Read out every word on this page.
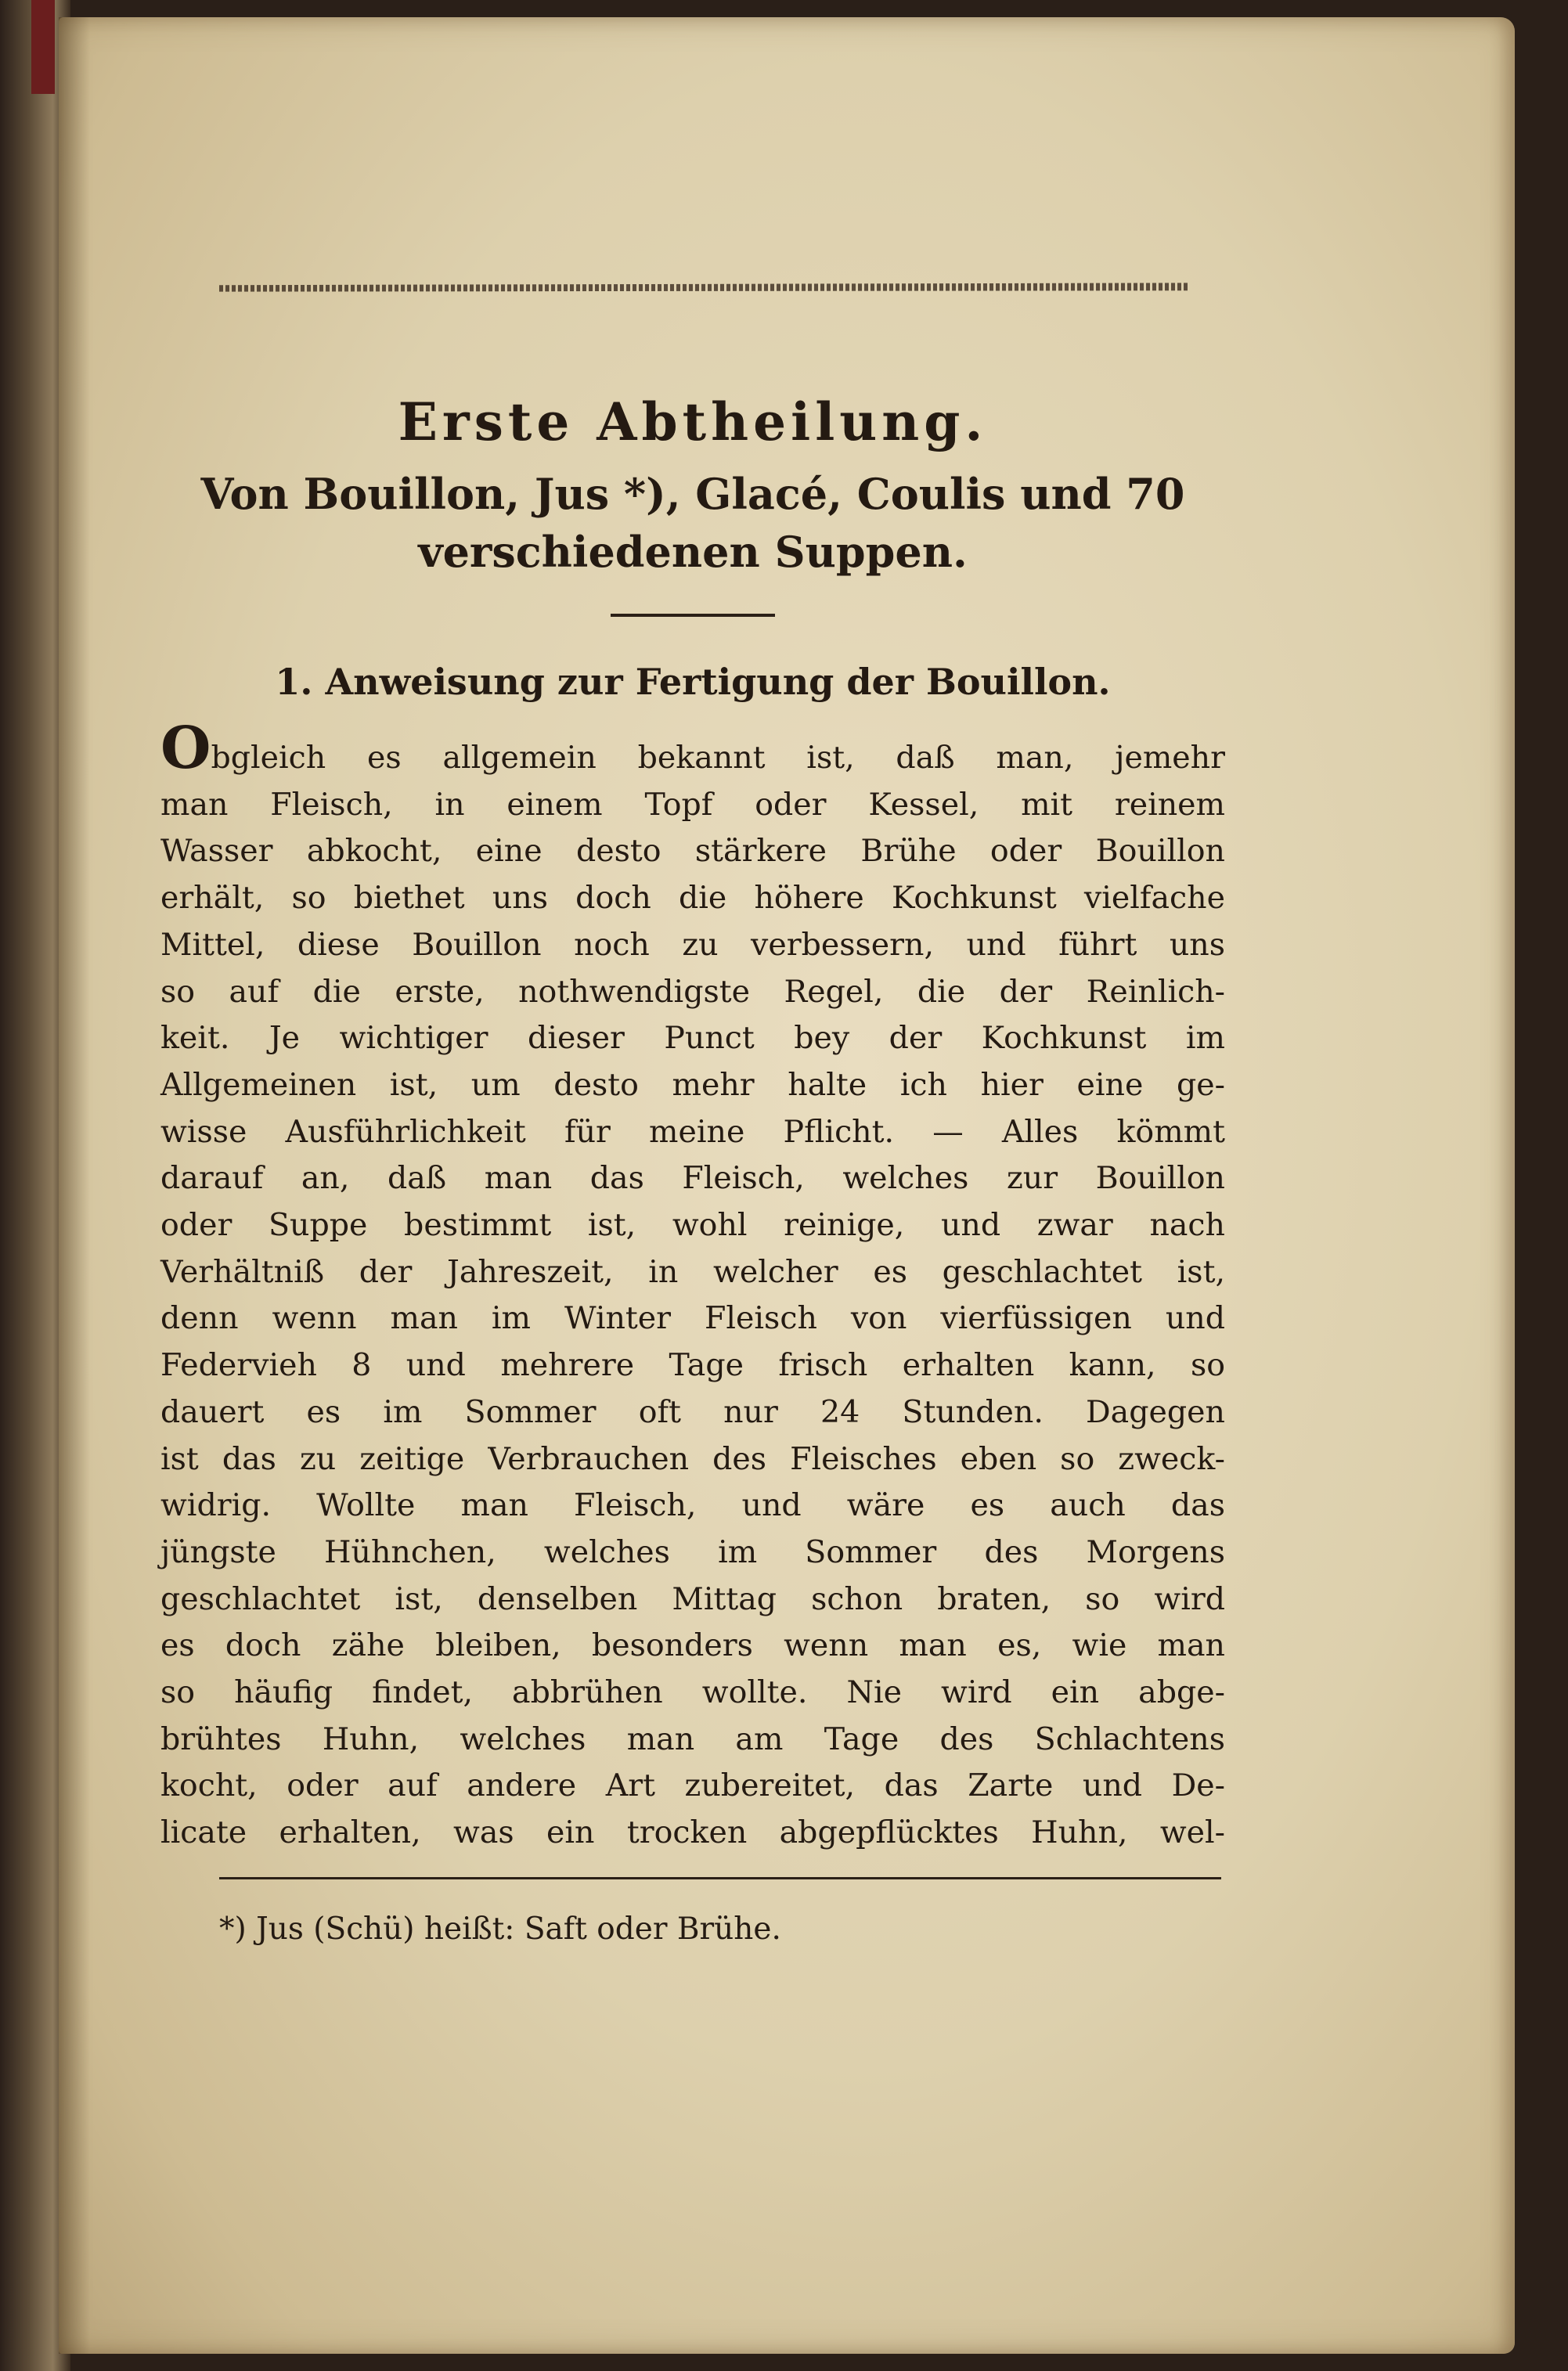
Erste Abtheilung.

Von Bouillon, Jus *), Glacé, Coulis und 70
verschiedenen Suppen.

1. Anweisung zur Fertigung der Bouillon.
Obgleich es allgemein bekannt ist, daß man, jemehr
man Fleisch, in einem Topf oder Kessel, mit reinem
Wasser abkocht, eine desto stärkere Brühe oder Bouillon
erhält, so biethet uns doch die höhere Kochkunst vielfache
Mittel, diese Bouillon noch zu verbessern, und führt uns
so auf die erste, nothwendigste Regel, die der Reinlich-
keit. Je wichtiger dieser Punct bey der Kochkunst im
Allgemeinen ist, um desto mehr halte ich hier eine ge-
wisse Ausführlichkeit für meine Pflicht. — Alles kömmt
darauf an, daß man das Fleisch, welches zur Bouillon
oder Suppe bestimmt ist, wohl reinige, und zwar nach
Verhältniß der Jahreszeit, in welcher es geschlachtet ist,
denn wenn man im Winter Fleisch von vierfüssigen und
Federvieh 8 und mehrere Tage frisch erhalten kann, so
dauert es im Sommer oft nur 24 Stunden. Dagegen
ist das zu zeitige Verbrauchen des Fleisches eben so zweck-
widrig. Wollte man Fleisch, und wäre es auch das
jüngste Hühnchen, welches im Sommer des Morgens
geschlachtet ist, denselben Mittag schon braten, so wird
es doch zähe bleiben, besonders wenn man es, wie man
so häufig findet, abbrühen wollte. Nie wird ein abge-
brühtes Huhn, welches man am Tage des Schlachtens
kocht, oder auf andere Art zubereitet, das Zarte und De-
licate erhalten, was ein trocken abgepflücktes Huhn, wel-

*) Jus (Schü) heißt: Saft oder Brühe.
